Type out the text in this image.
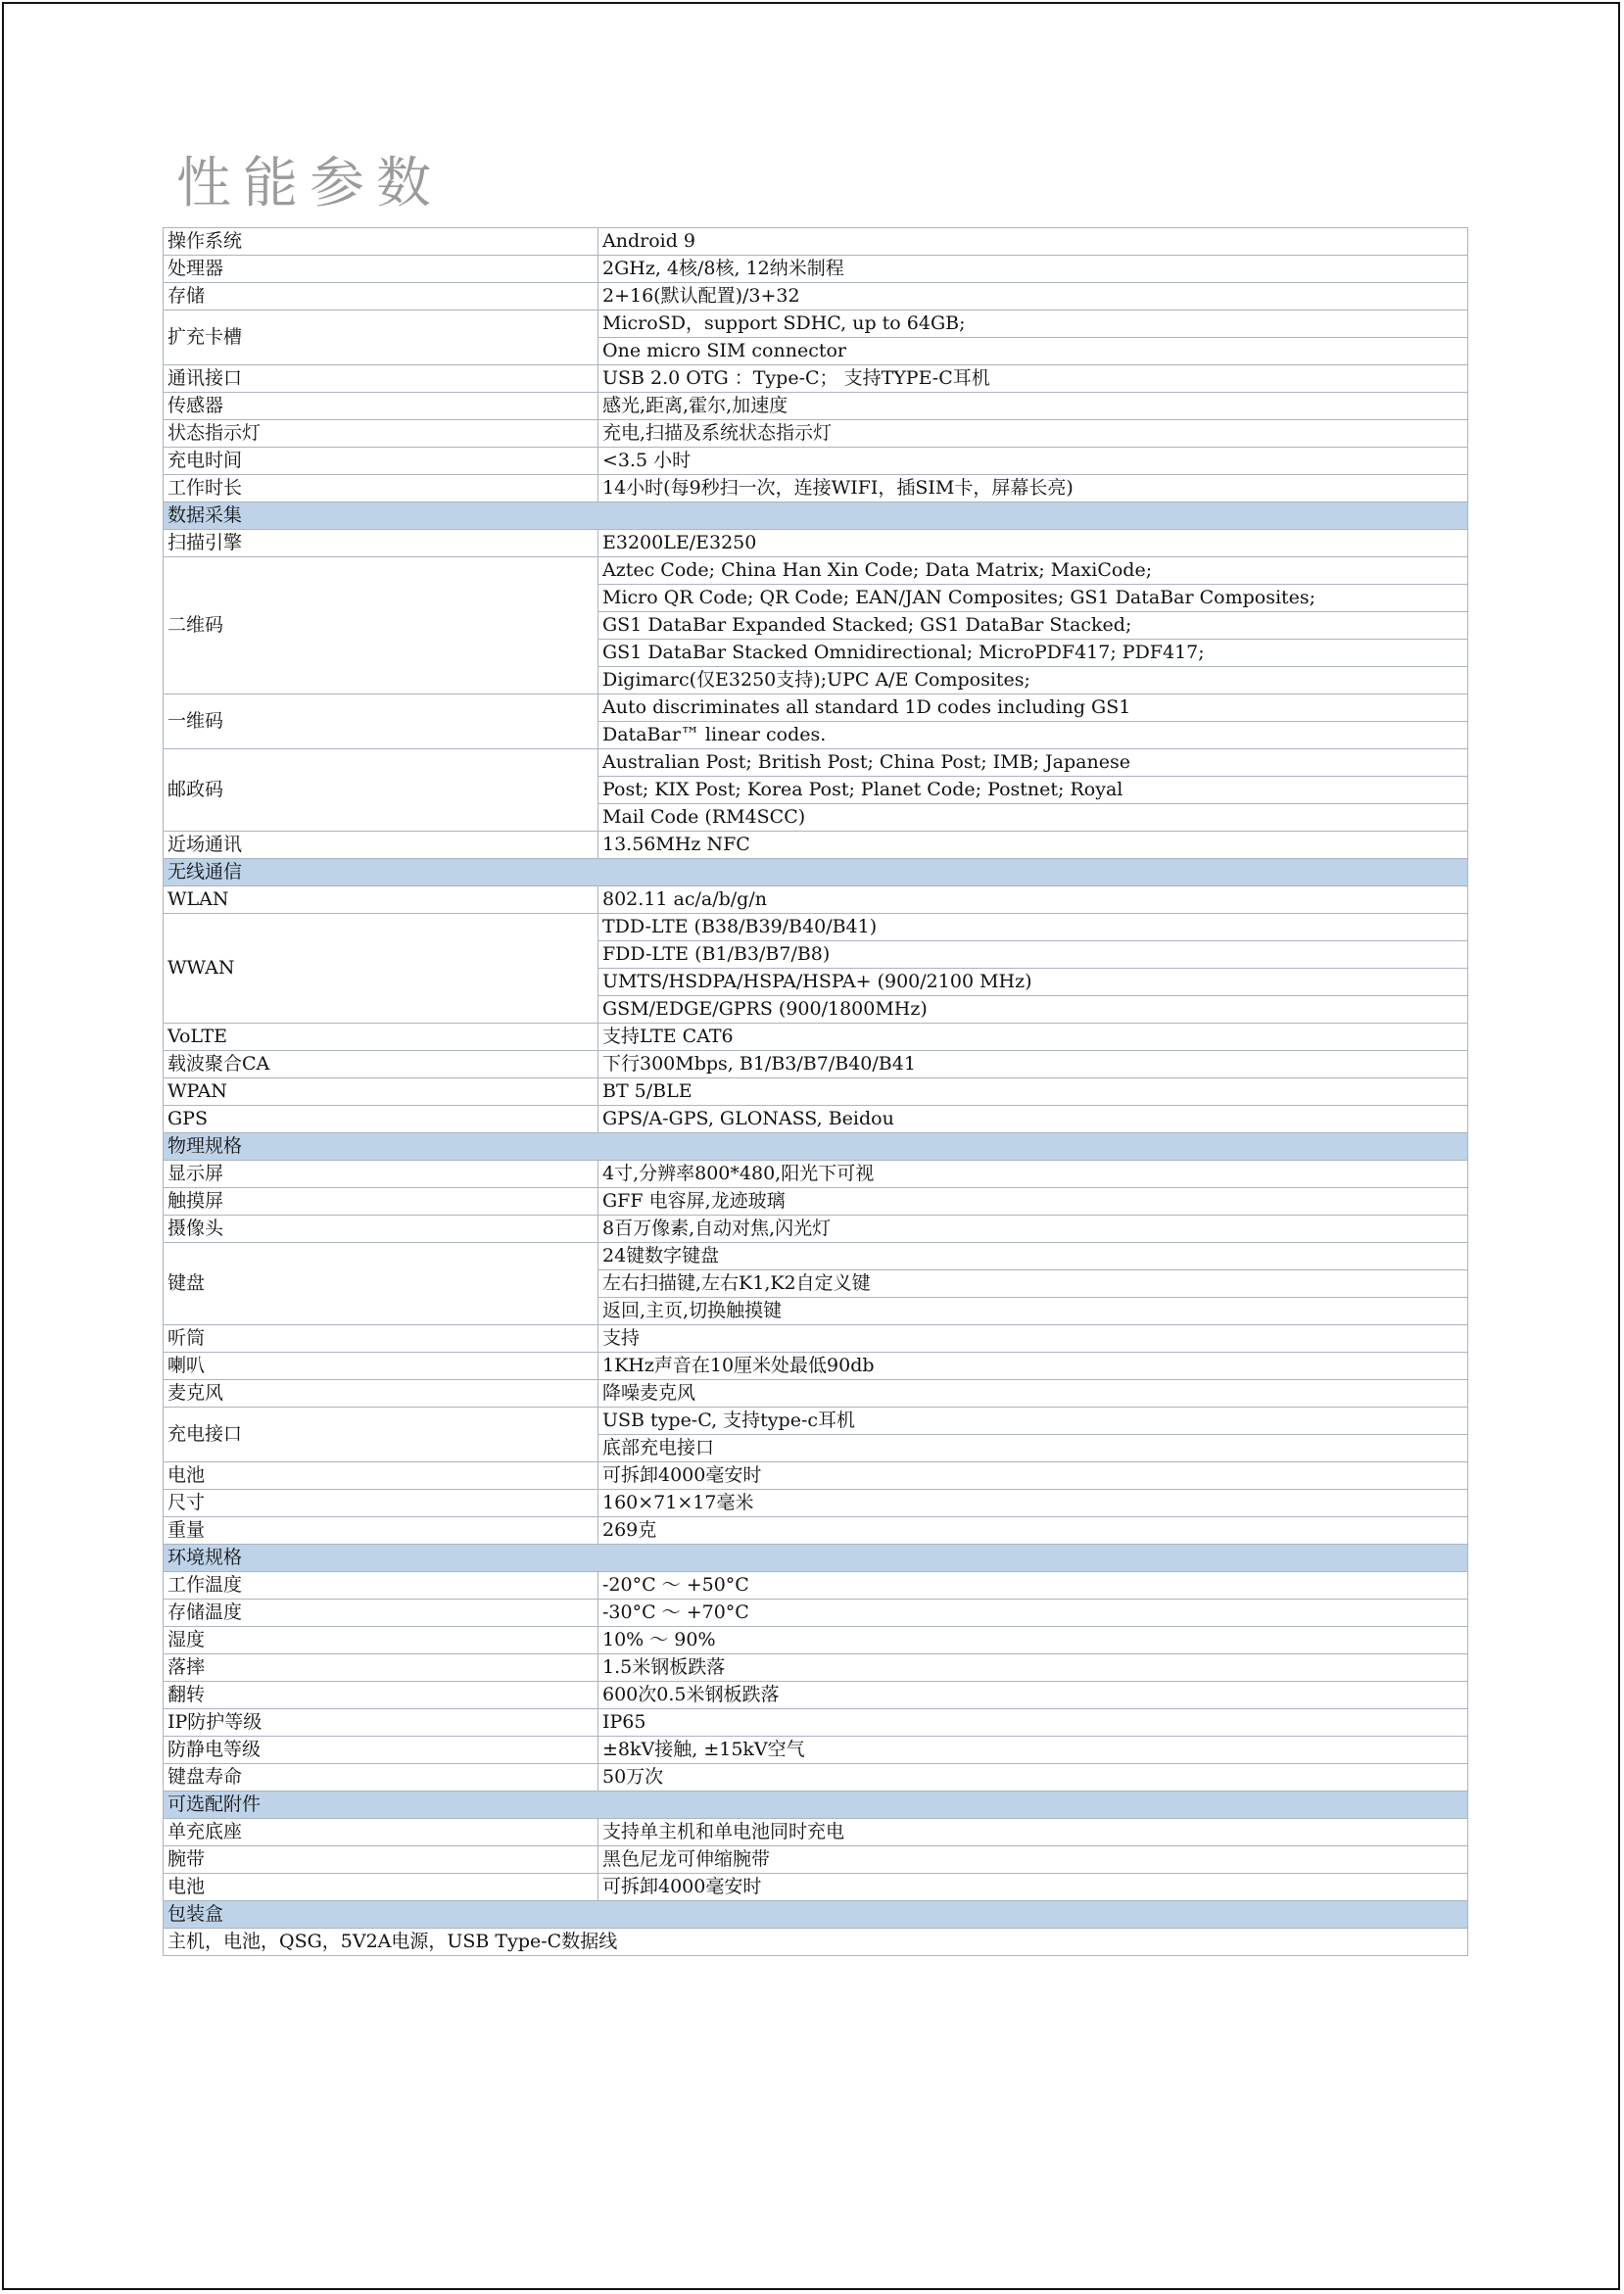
性能参数
操作系统	Android 9
处理器	2GHz, 4核/8核, 12纳米制程
存储	2+16(默认配置)/3+32
扩充卡槽	MicroSD，support SDHC, up to 64GB;
	One micro SIM connector
通讯接口	USB 2.0 OTG ：Type-C； 支持TYPE-C耳机
传感器	感光,距离,霍尔,加速度
状态指示灯	充电,扫描及系统状态指示灯
充电时间	<3.5 小时
工作时长	14小时(每9秒扫一次，连接WIFI，插SIM卡，屏幕长亮)
数据采集	
扫描引擎	E3200LE/E3250
二维码	Aztec Code; China Han Xin Code; Data Matrix; MaxiCode;
	Micro QR Code; QR Code; EAN/JAN Composites; GS1 DataBar Composites;
	GS1 DataBar Expanded Stacked; GS1 DataBar Stacked;
	GS1 DataBar Stacked Omnidirectional; MicroPDF417; PDF417;
	Digimarc(仅E3250支持);UPC A/E Composites;
一维码	Auto discriminates all standard 1D codes including GS1
	DataBar™ linear codes.
邮政码	Australian Post; British Post; China Post; IMB; Japanese
	Post; KIX Post; Korea Post; Planet Code; Postnet; Royal
	Mail Code (RM4SCC)
近场通讯	13.56MHz NFC
无线通信	
WLAN	802.11 ac/a/b/g/n
WWAN	TDD-LTE (B38/B39/B40/B41)
	FDD-LTE (B1/B3/B7/B8)
	UMTS/HSDPA/HSPA/HSPA+ (900/2100 MHz)
	GSM/EDGE/GPRS (900/1800MHz)
VoLTE	支持LTE CAT6
载波聚合CA	下行300Mbps, B1/B3/B7/B40/B41
WPAN	BT 5/BLE
GPS	GPS/A-GPS, GLONASS, Beidou
物理规格	
显示屏	4寸,分辨率800*480,阳光下可视
触摸屏	GFF 电容屏,龙迹玻璃
摄像头	8百万像素,自动对焦,闪光灯
键盘	24键数字键盘
	左右扫描键,左右K1,K2自定义键
	返回,主页,切换触摸键
听筒	支持
喇叭	1KHz声音在10厘米处最低90db
麦克风	降噪麦克风
充电接口	USB type-C, 支持type-c耳机
	底部充电接口
电池	可拆卸4000毫安时
尺寸	160×71×17毫米
重量	269克
环境规格	
工作温度	-20°C ～ +50°C
存储温度	-30°C ～ +70°C
湿度	10% ～ 90%
落摔	1.5米钢板跌落
翻转	600次0.5米钢板跌落
IP防护等级	IP65
防静电等级	±8kV接触, ±15kV空气
键盘寿命	50万次
可选配附件	
单充底座	支持单主机和单电池同时充电
腕带	黑色尼龙可伸缩腕带
电池	可拆卸4000毫安时
包装盒	
主机，电池，QSG，5V2A电源，USB Type-C数据线	
